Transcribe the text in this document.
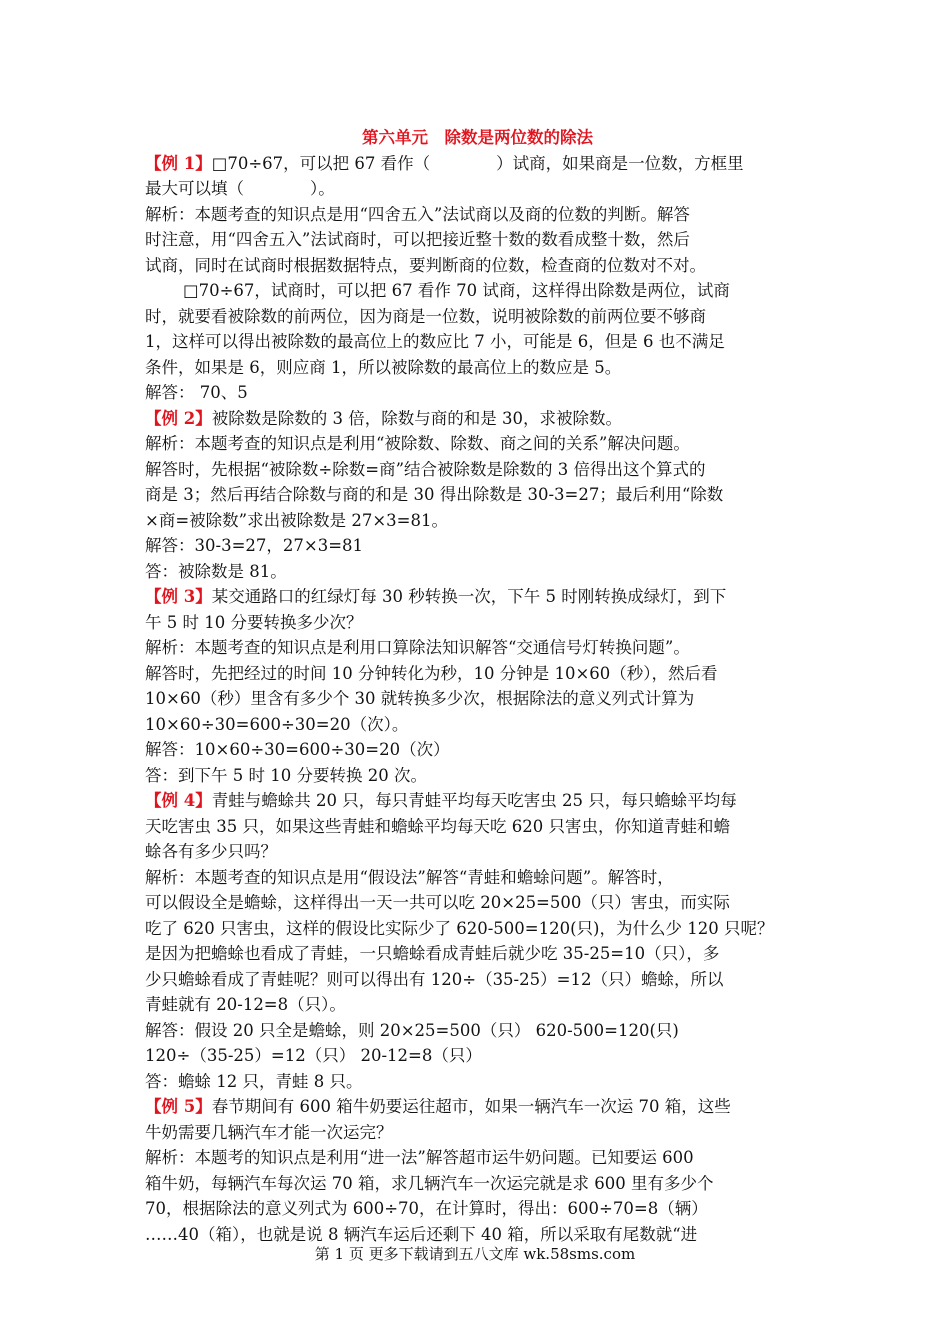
第六单元　除数是两位数的除法
【例 1】□70÷67，可以把 67 看作（　　　　）试商，如果商是一位数，方框里
最大可以填（　　　　）。
解析：本题考查的知识点是用“四舍五入”法试商以及商的位数的判断。解答
时注意，用“四舍五入”法试商时，可以把接近整十数的数看成整十数，然后
试商，同时在试商时根据数据特点，要判断商的位数，检查商的位数对不对。
□70÷67，试商时，可以把 67 看作 70 试商，这样得出除数是两位，试商
时，就要看被除数的前两位，因为商是一位数，说明被除数的前两位要不够商
1，这样可以得出被除数的最高位上的数应比 7 小，可能是 6，但是 6 也不满足
条件，如果是 6，则应商 1，所以被除数的最高位上的数应是 5。
解答： 70、5
【例 2】被除数是除数的 3 倍，除数与商的和是 30，求被除数。
解析：本题考查的知识点是利用“被除数、除数、商之间的关系”解决问题。
解答时，先根据“被除数÷除数=商”结合被除数是除数的 3 倍得出这个算式的
商是 3；然后再结合除数与商的和是 30 得出除数是 30-3=27；最后利用“除数
×商=被除数”求出被除数是 27×3=81。
解答：30-3=27，27×3=81
答：被除数是 81。
【例 3】某交通路口的红绿灯每 30 秒转换一次，下午 5 时刚转换成绿灯，到下
午 5 时 10 分要转换多少次？
解析：本题考查的知识点是利用口算除法知识解答“交通信号灯转换问题”。
解答时，先把经过的时间 10 分钟转化为秒，10 分钟是 10×60（秒），然后看
10×60（秒）里含有多少个 30 就转换多少次，根据除法的意义列式计算为
10×60÷30=600÷30=20（次）。
解答：10×60÷30=600÷30=20（次）
答：到下午 5 时 10 分要转换 20 次。
【例 4】青蛙与蟾蜍共 20 只，每只青蛙平均每天吃害虫 25 只，每只蟾蜍平均每
天吃害虫 35 只，如果这些青蛙和蟾蜍平均每天吃 620 只害虫，你知道青蛙和蟾
蜍各有多少只吗？
解析：本题考查的知识点是用“假设法”解答“青蛙和蟾蜍问题”。解答时，
可以假设全是蟾蜍，这样得出一天一共可以吃 20×25=500（只）害虫，而实际
吃了 620 只害虫，这样的假设比实际少了 620-500=120(只)，为什么少 120 只呢？
是因为把蟾蜍也看成了青蛙，一只蟾蜍看成青蛙后就少吃 35-25=10（只），多
少只蟾蜍看成了青蛙呢？则可以得出有 120÷（35-25）=12（只）蟾蜍，所以
青蛙就有 20-12=8（只）。
解答：假设 20 只全是蟾蜍，则 20×25=500（只） 620-500=120(只)
120÷（35-25）=12（只） 20-12=8（只）
答：蟾蜍 12 只，青蛙 8 只。
【例 5】春节期间有 600 箱牛奶要运往超市，如果一辆汽车一次运 70 箱，这些
牛奶需要几辆汽车才能一次运完？
解析：本题考的知识点是利用“进一法”解答超市运牛奶问题。已知要运 600
箱牛奶，每辆汽车每次运 70 箱，求几辆汽车一次运完就是求 600 里有多少个
70，根据除法的意义列式为 600÷70，在计算时，得出：600÷70=8（辆）
……40（箱），也就是说 8 辆汽车运后还剩下 40 箱，所以采取有尾数就“进
第 1 页 更多下载请到五八文库 wk.58sms.com
